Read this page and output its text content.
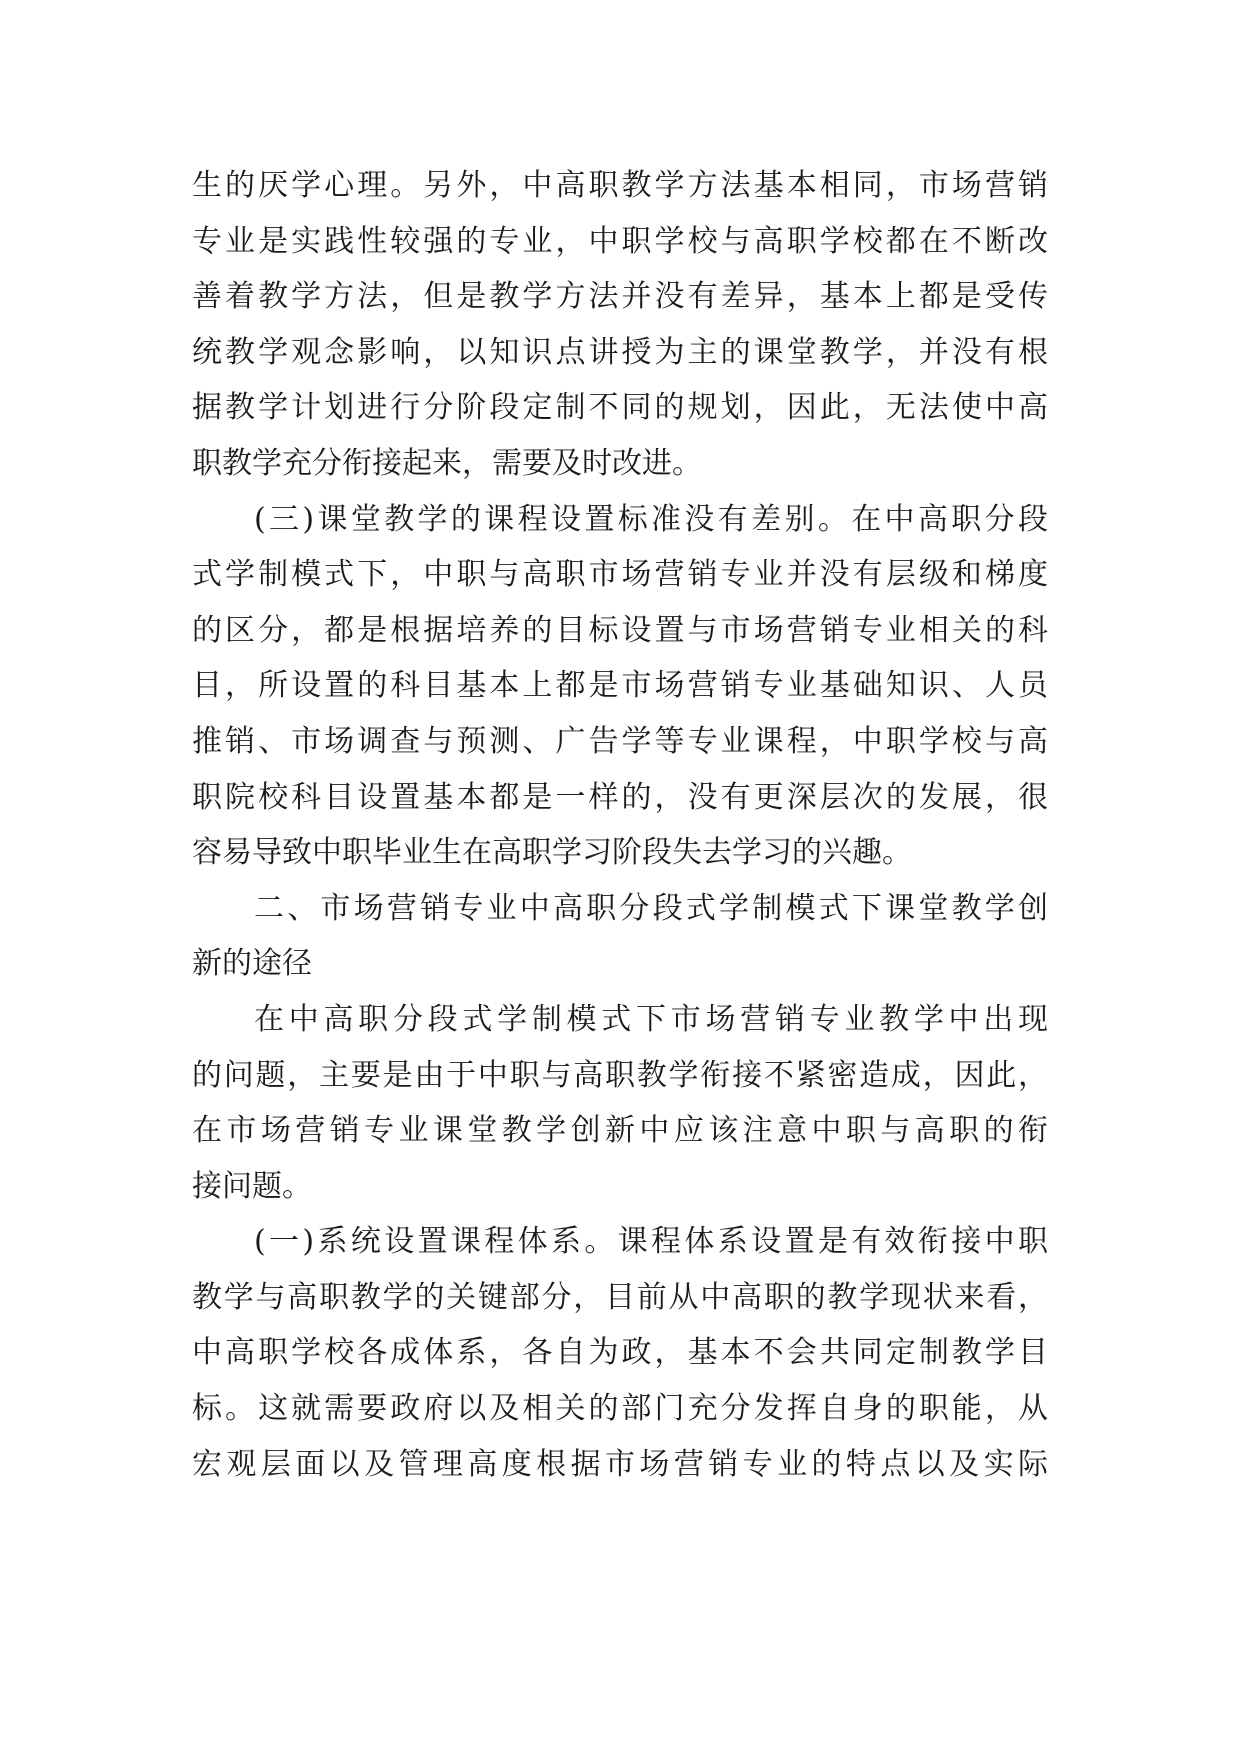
生的厌学心理。另外，中高职教学方法基本相同，市场营销
专业是实践性较强的专业，中职学校与高职学校都在不断改
善着教学方法，但是教学方法并没有差异，基本上都是受传
统教学观念影响，以知识点讲授为主的课堂教学，并没有根
据教学计划进行分阶段定制不同的规划，因此，无法使中高
职教学充分衔接起来，需要及时改进。
(三)课堂教学的课程设置标准没有差别。在中高职分段
式学制模式下，中职与高职市场营销专业并没有层级和梯度
的区分，都是根据培养的目标设置与市场营销专业相关的科
目，所设置的科目基本上都是市场营销专业基础知识、人员
推销、市场调查与预测、广告学等专业课程，中职学校与高
职院校科目设置基本都是一样的，没有更深层次的发展，很
容易导致中职毕业生在高职学习阶段失去学习的兴趣。
二、市场营销专业中高职分段式学制模式下课堂教学创
新的途径
在中高职分段式学制模式下市场营销专业教学中出现
的问题，主要是由于中职与高职教学衔接不紧密造成，因此，
在市场营销专业课堂教学创新中应该注意中职与高职的衔
接问题。
(一)系统设置课程体系。课程体系设置是有效衔接中职
教学与高职教学的关键部分，目前从中高职的教学现状来看，
中高职学校各成体系，各自为政，基本不会共同定制教学目
标。这就需要政府以及相关的部门充分发挥自身的职能，从
宏观层面以及管理高度根据市场营销专业的特点以及实际
